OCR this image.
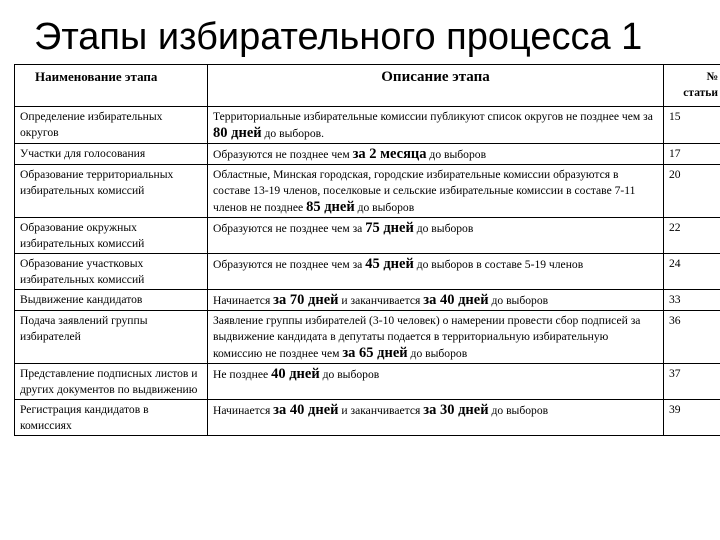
Этапы избирательного процесса 1
Наименование этапа	Описание этапа	№
статьи

Определение избирательных округов	Территориальные избирательные комиссии публикуют список округов не позднее чем за 80 дней до выборов.	15
Участки для голосования	Образуются не позднее чем за 2 месяца до выборов	17
Образование территориальных избирательных комиссий	Областные, Минская городская, городские избирательные комиссии образуются в составе 13-19 членов, поселковые и сельские избирательные комиссии в составе 7-11 членов не позднее 85 дней до выборов	20
Образование окружных избирательных комиссий	Образуются не позднее чем за 75 дней до выборов	22
Образование участковых избирательных комиссий	Образуются не позднее чем за 45 дней до выборов в составе 5-19 членов	24
Выдвижение кандидатов	Начинается за 70 дней и заканчивается за 40 дней до выборов	33
Подача заявлений группы избирателей	Заявление группы избирателей (3-10 человек) о намерении провести сбор подписей за выдвижение кандидата в депутаты подается в территориальную избирательную комиссию не позднее чем за 65 дней до выборов	36
Представление подписных листов и других документов по выдвижению	Не позднее 40 дней до выборов	37
Регистрация кандидатов в комиссиях	Начинается за 40 дней и заканчивается за 30 дней до выборов	39
